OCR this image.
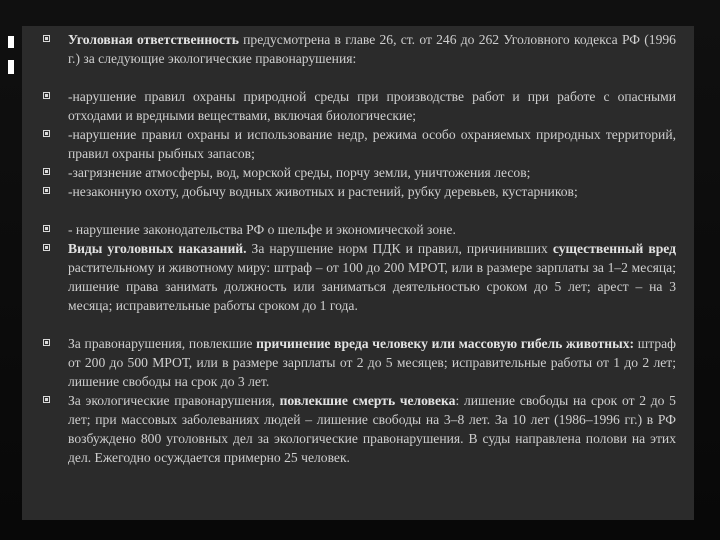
Уголовная ответственность предусмотрена в главе 26, ст. от 246 до 262 Уголовного кодекса РФ (1996 г.) за следующие экологические правонарушения:
-нарушение правил охраны природной среды при производстве работ и при работе с опасными отходами и вредными веществами, включая биологические;
-нарушение правил охраны и использование недр, режима особо охраняемых природных территорий, правил охраны рыбных запасов;
-загрязнение атмосферы, вод, морской среды, порчу земли, уничтожения лесов;
-незаконную охоту, добычу водных животных и растений, рубку деревьев, кустарников;
- нарушение законодательства РФ о шельфе и экономической зоне.
Виды уголовных наказаний. За нарушение норм ПДК и правил, причинивших существенный вред растительному и животному миру: штраф – от 100 до 200 МРОТ, или в размере зарплаты за 1–2 месяца; лишение права занимать должность или заниматься деятельностью сроком до 5 лет; арест – на 3 месяца; исправительные работы сроком до 1 года.
За правонарушения, повлекшие причинение вреда человеку или массовую гибель животных: штраф от 200 до 500 МРОТ, или в размере зарплаты от 2 до 5 месяцев; исправительные работы от 1 до 2 лет; лишение свободы на срок до 3 лет.
За экологические правонарушения, повлекшие смерть человека: лишение свободы на срок от 2 до 5 лет; при массовых заболеваниях людей – лишение свободы на 3–8 лет. За 10 лет (1986–1996 гг.) в РФ возбуждено 800 уголовных дел за экологические правонарушения. В суды направлена полови на этих дел. Ежегодно осуждается примерно 25 человек.
